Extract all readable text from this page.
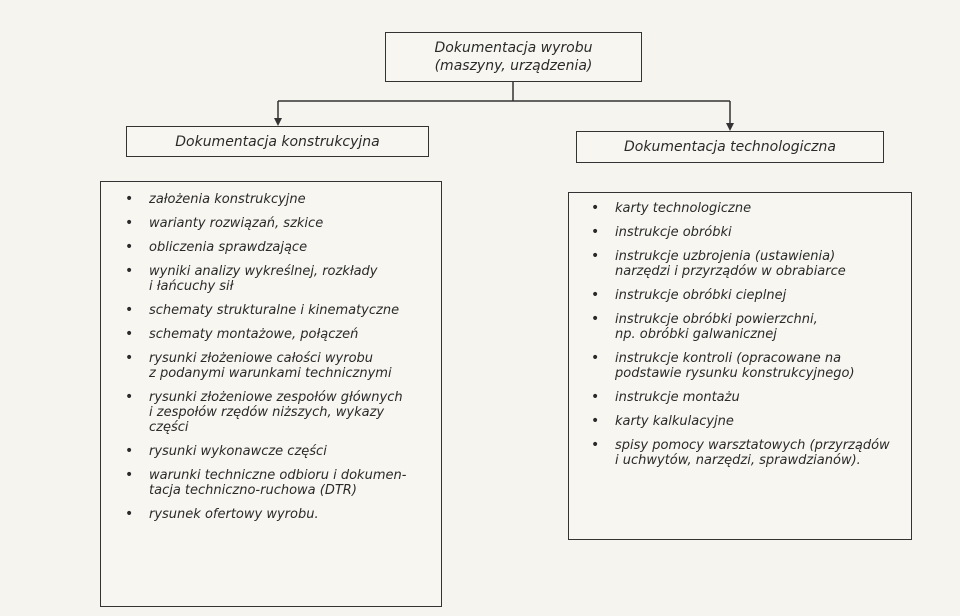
Dokumentacja wyrobu
(maszyny, urządzenia)
Dokumentacja konstrukcyjna	Dokumentacja technologiczna
• założenia konstrukcyjne
• warianty rozwiązań, szkice
• obliczenia sprawdzające
• wyniki analizy wykreślnej, rozkłady
i łańcuchy sił
• schematy strukturalne i kinematyczne
• schematy montażowe, połączeń
• rysunki złożeniowe całości wyrobu
z podanymi warunkami technicznymi
• rysunki złożeniowe zespołów głównych
i zespołów rzędów niższych, wykazy
części
• rysunki wykonawcze części
• warunki techniczne odbioru i dokumen-
tacja techniczno-ruchowa (DTR)
• rysunek ofertowy wyrobu.
• karty technologiczne
• instrukcje obróbki
• instrukcje uzbrojenia (ustawienia)
narzędzi i przyrządów w obrabiarce
• instrukcje obróbki cieplnej
• instrukcje obróbki powierzchni,
np. obróbki galwanicznej
• instrukcje kontroli (opracowane na
podstawie rysunku konstrukcyjnego)
• instrukcje montażu
• karty kalkulacyjne
• spisy pomocy warsztatowych (przyrządów
i uchwytów, narzędzi, sprawdzianów).
